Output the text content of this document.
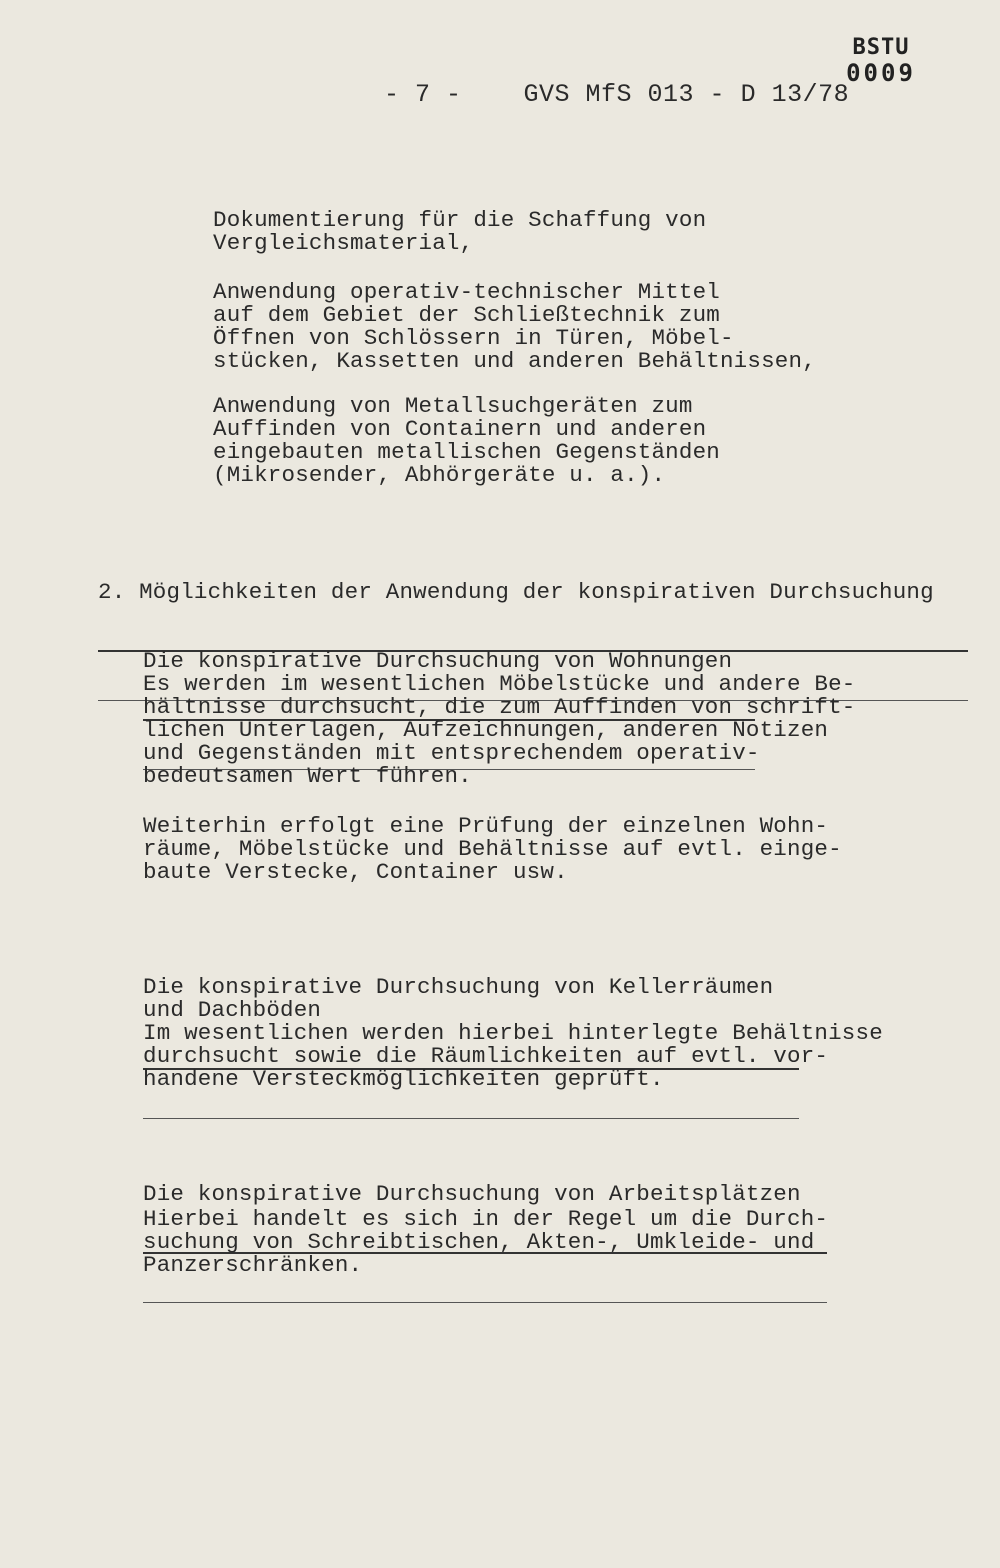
BSTU
0009
- 7 - GVS MfS 013 - D 13/78
Dokumentierung für die Schaffung von
Vergleichsmaterial,
Anwendung operativ-technischer Mittel
auf dem Gebiet der Schließtechnik zum
Öffnen von Schlössern in Türen, Möbel-
stücken, Kassetten und anderen Behältnissen,
Anwendung von Metallsuchgeräten zum
Auffinden von Containern und anderen
eingebauten metallischen Gegenständen
(Mikrosender, Abhörgeräte u. a.).

2. Möglichkeiten der Anwendung der konspirativen Durchsuchung

Die konspirative Durchsuchung von Wohnungen

Es werden im wesentlichen Möbelstücke und andere Be-
hältnisse durchsucht, die zum Auffinden von schrift-
lichen Unterlagen, Aufzeichnungen, anderen Notizen
und Gegenständen mit entsprechendem operativ-
bedeutsamen Wert führen.
Weiterhin erfolgt eine Prüfung der einzelnen Wohn-
räume, Möbelstücke und Behältnisse auf evtl. einge-
baute Verstecke, Container usw.

Die konspirative Durchsuchung von Kellerräumen
und Dachböden

Im wesentlichen werden hierbei hinterlegte Behältnisse
durchsucht sowie die Räumlichkeiten auf evtl. vor-
handene Versteckmöglichkeiten geprüft.

Die konspirative Durchsuchung von Arbeitsplätzen

Hierbei handelt es sich in der Regel um die Durch-
suchung von Schreibtischen, Akten-, Umkleide- und
Panzerschränken.
